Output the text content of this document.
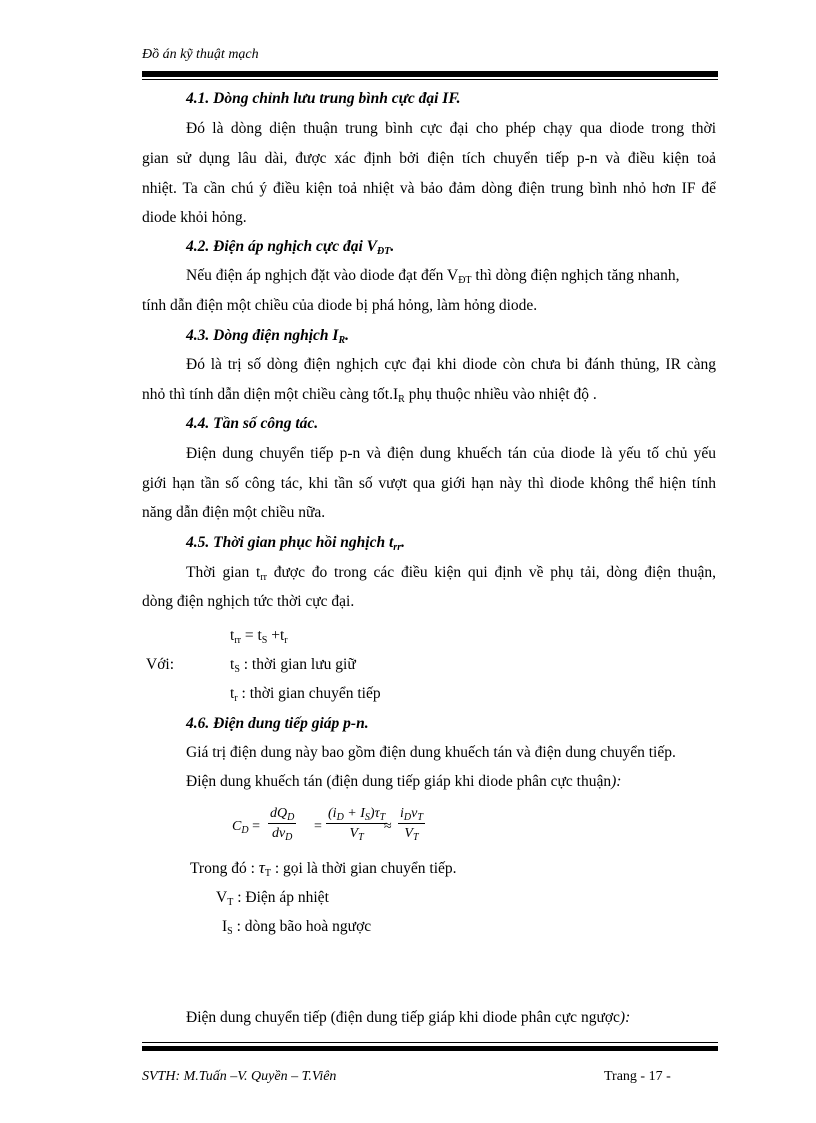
Đồ án kỹ thuật mạch
4.1. Dòng chỉnh lưu trung bình cực đại IF.
Đó là dòng diện thuận trung bình cực đại cho phép chạy qua diode trong thời
gian sử dụng lâu dài, được xác định bởi điện tích chuyển tiếp p-n và điều kiện toả
nhiệt. Ta cần chú ý điều kiện toả nhiệt và bảo đảm dòng điện trung bình nhỏ hơn IF để
diode khỏi hỏng.
4.2. Điện áp nghịch cực đại $V_{ĐT}$.
Nếu điện áp nghịch đặt vào diode đạt đến $V_{ĐT}$ thì dòng điện nghịch tăng nhanh,
tính dẫn điện một chiều của diode bị phá hỏng, làm hỏng diode.
4.3. Dòng điện nghịch $I_R$.
Đó là trị số dòng điện nghịch cực đại khi diode còn chưa bi đánh thủng, IR càng
nhỏ thì tính dẫn diện một chiều càng $tốt.I_R$ phụ thuộc nhiều vào nhiệt độ .
4.4. Tần số công tác.
Điện dung chuyển tiếp p-n và điện dung khuếch tán của diode là yếu tố chủ yếu
giới hạn tần số công tác, khi tần số vượt qua giới hạn này thì diode không thể hiện tính
năng dẫn điện một chiều nữa.
4.5. Thời gian phục hồi nghịch $t_{rr}$.
Thời gian $t_{rr}$ được đo trong các điều kiện qui định về phụ tải, dòng điện thuận,
dòng điện nghịch tức thời cực đại.
$t_{rr} = t_S +t_r$
Với:	$t_S$ : thời gian lưu giữ
$t_r$ : thời gian chuyển tiếp
4.6. Điện dung tiếp giáp p-n.
Giá trị điện dung này bao gồm điện dung khuếch tán và điện dung chuyển tiếp.
Điện dung khuếch tán (điện dung tiếp giáp khi diode phân cực thuận):
$C_D$ =
$dQ_D$
$dv_D$
= $\frac{(i_D + I_S)\tau_T}{V_T}$
≈
$i_Dv_T$
$V_T$
Trong đó : $\tau_T$ : gọi là thời gian chuyển tiếp.
$V_T$ : Điện áp nhiệt
$I_S$ : dòng bão hoà ngược
Điện dung chuyển tiếp (điện dung tiếp giáp khi diode phân cực ngược):
SVTH: M.Tuấn –V. Quyền – T.Viên	Trang - 17 -
